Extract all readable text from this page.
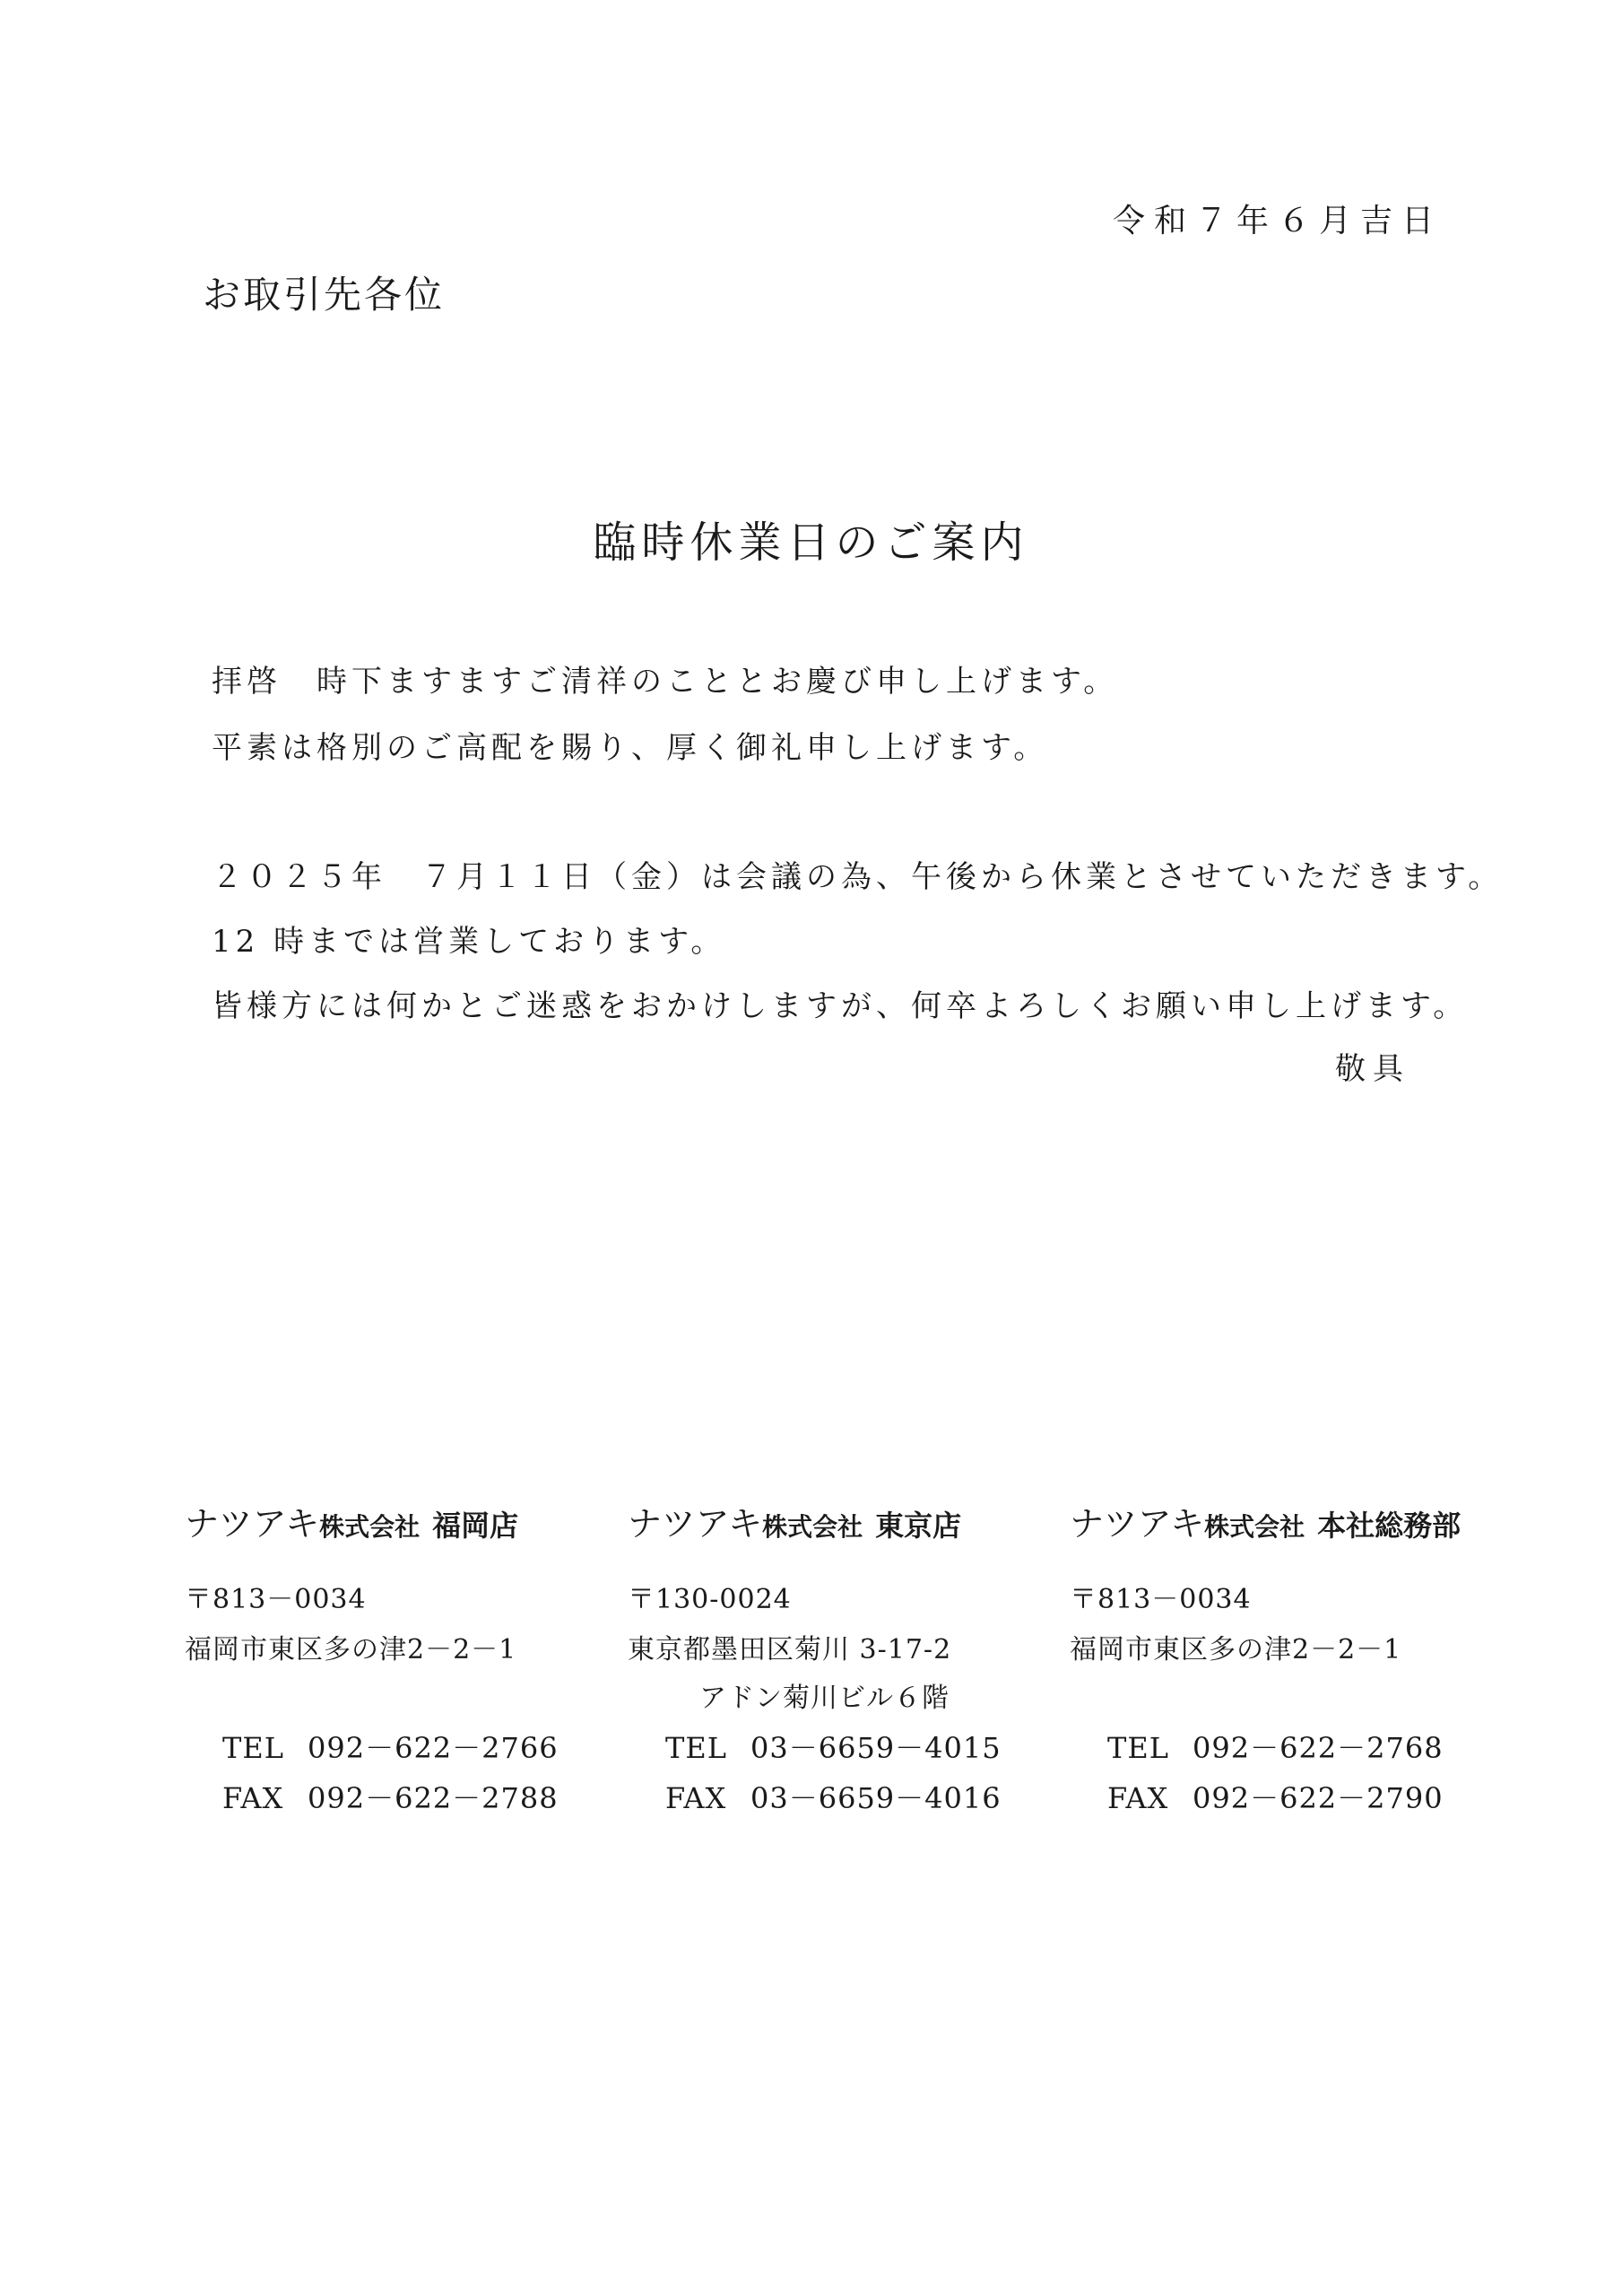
令和７年６月吉日
お取引先各位
臨時休業日のご案内
拝啓　時下ますますご清祥のこととお慶び申し上げます。
平素は格別のご高配を賜り、厚く御礼申し上げます。
２０２５年　７月１１日（金）は会議の為、午後から休業とさせていただきます。
12 時までは営業しております。
皆様方には何かとご迷惑をおかけしますが、何卒よろしくお願い申し上げます。
敬具
ナツアキ株式会社 福岡店
〒813－0034
福岡市東区多の津2－2－1
TEL 092－622－2766
FAX 092－622－2788
ナツアキ株式会社 東京店
〒130-0024
東京都墨田区菊川 3-17-2
アドン菊川ビル６階
TEL 03－6659－4015
FAX 03－6659－4016
ナツアキ株式会社 本社総務部
〒813－0034
福岡市東区多の津2－2－1
TEL 092－622－2768
FAX 092－622－2790
